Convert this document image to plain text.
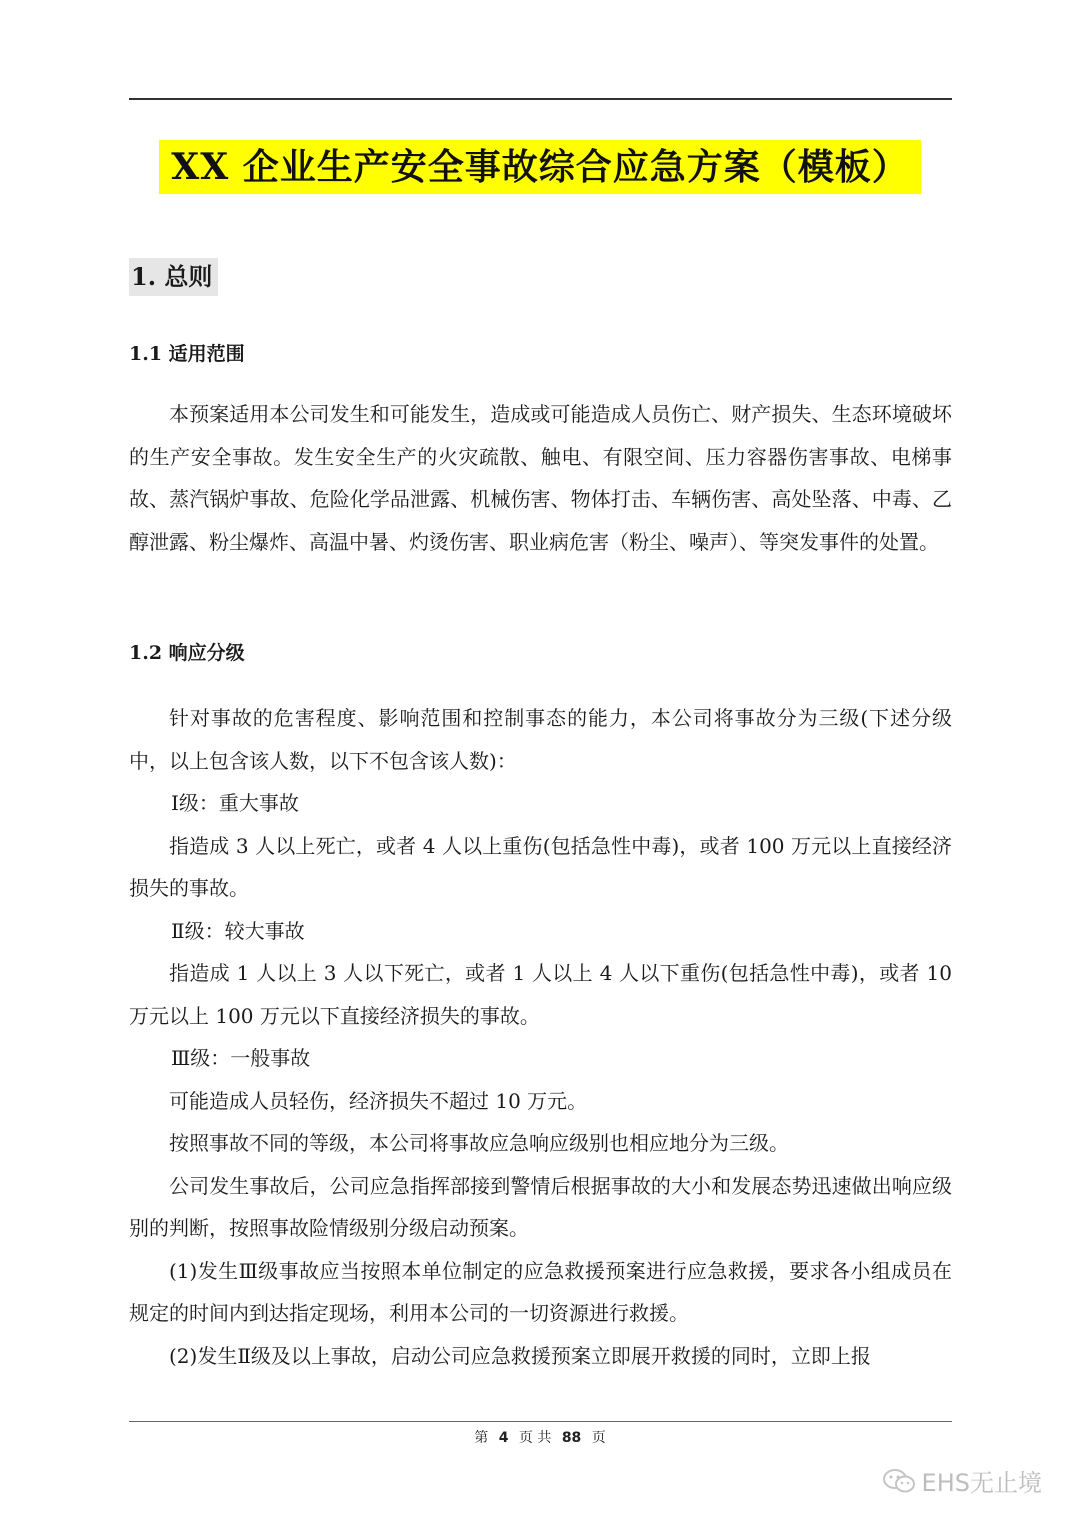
XX 企业生产安全事故综合应急方案（模板）
1. 总则
1.1 适用范围

本预案适用本公司发生和可能发生，造成或可能造成人员伤亡、财产损失、生态环境破坏的生产安全事故。发生安全生产的火灾疏散、触电、有限空间、压力容器伤害事故、电梯事故、蒸汽锅炉事故、危险化学品泄露、机械伤害、物体打击、车辆伤害、高处坠落、中毒、乙醇泄露、粉尘爆炸、高温中暑、灼烫伤害、职业病危害（粉尘、噪声）、等突发事件的处置。

1.2 响应分级

针对事故的危害程度、影响范围和控制事态的能力，本公司将事故分为三级(下述分级中，以上包含该人数，以下不包含该人数)：

Ⅰ级：重大事故

指造成 3 人以上死亡，或者 4 人以上重伤(包括急性中毒)，或者 100 万元以上直接经济损失的事故。

Ⅱ级：较大事故

指造成 1 人以上 3 人以下死亡，或者 1 人以上 4 人以下重伤(包括急性中毒)，或者 10 万元以上 100 万元以下直接经济损失的事故。

Ⅲ级：一般事故

可能造成人员轻伤，经济损失不超过 10 万元。

按照事故不同的等级，本公司将事故应急响应级别也相应地分为三级。

公司发生事故后，公司应急指挥部接到警情后根据事故的大小和发展态势迅速做出响应级别的判断，按照事故险情级别分级启动预案。

(1)发生Ⅲ级事故应当按照本单位制定的应急救援预案进行应急救援，要求各小组成员在规定的时间内到达指定现场，利用本公司的一切资源进行救援。

(2)发生Ⅱ级及以上事故，启动公司应急救援预案立即展开救援的同时，立即上报

第 4 页 共 88 页
EHS无止境
